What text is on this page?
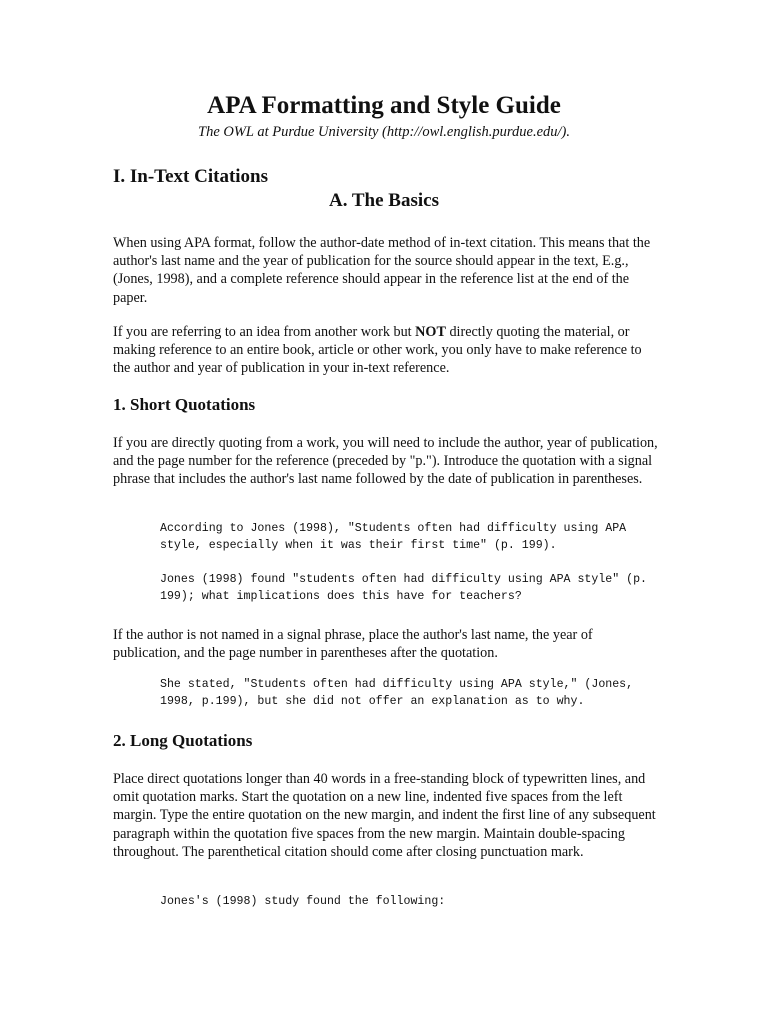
APA Formatting and Style Guide

The OWL at Purdue University (http://owl.english.purdue.edu/).

I. In-Text Citations
A. The Basics

When using APA format, follow the author-date method of in-text citation. This means that the author's last name and the year of publication for the source should appear in the text, E.g., (Jones, 1998), and a complete reference should appear in the reference list at the end of the paper.

If you are referring to an idea from another work but NOT directly quoting the material, or making reference to an entire book, article or other work, you only have to make reference to the author and year of publication in your in-text reference.

1. Short Quotations

If you are directly quoting from a work, you will need to include the author, year of publication, and the page number for the reference (preceded by "p."). Introduce the quotation with a signal phrase that includes the author's last name followed by the date of publication in parentheses.

According to Jones (1998), "Students often had difficulty using APA style, especially when it was their first time" (p. 199).

Jones (1998) found "students often had difficulty using APA style" (p. 199); what implications does this have for teachers?

If the author is not named in a signal phrase, place the author's last name, the year of publication, and the page number in parentheses after the quotation.

She stated, "Students often had difficulty using APA style," (Jones, 1998, p.199), but she did not offer an explanation as to why.

2. Long Quotations

Place direct quotations longer than 40 words in a free-standing block of typewritten lines, and omit quotation marks. Start the quotation on a new line, indented five spaces from the left margin. Type the entire quotation on the new margin, and indent the first line of any subsequent paragraph within the quotation five spaces from the new margin. Maintain double-spacing throughout. The parenthetical citation should come after closing punctuation mark.

Jones's (1998) study found the following:
